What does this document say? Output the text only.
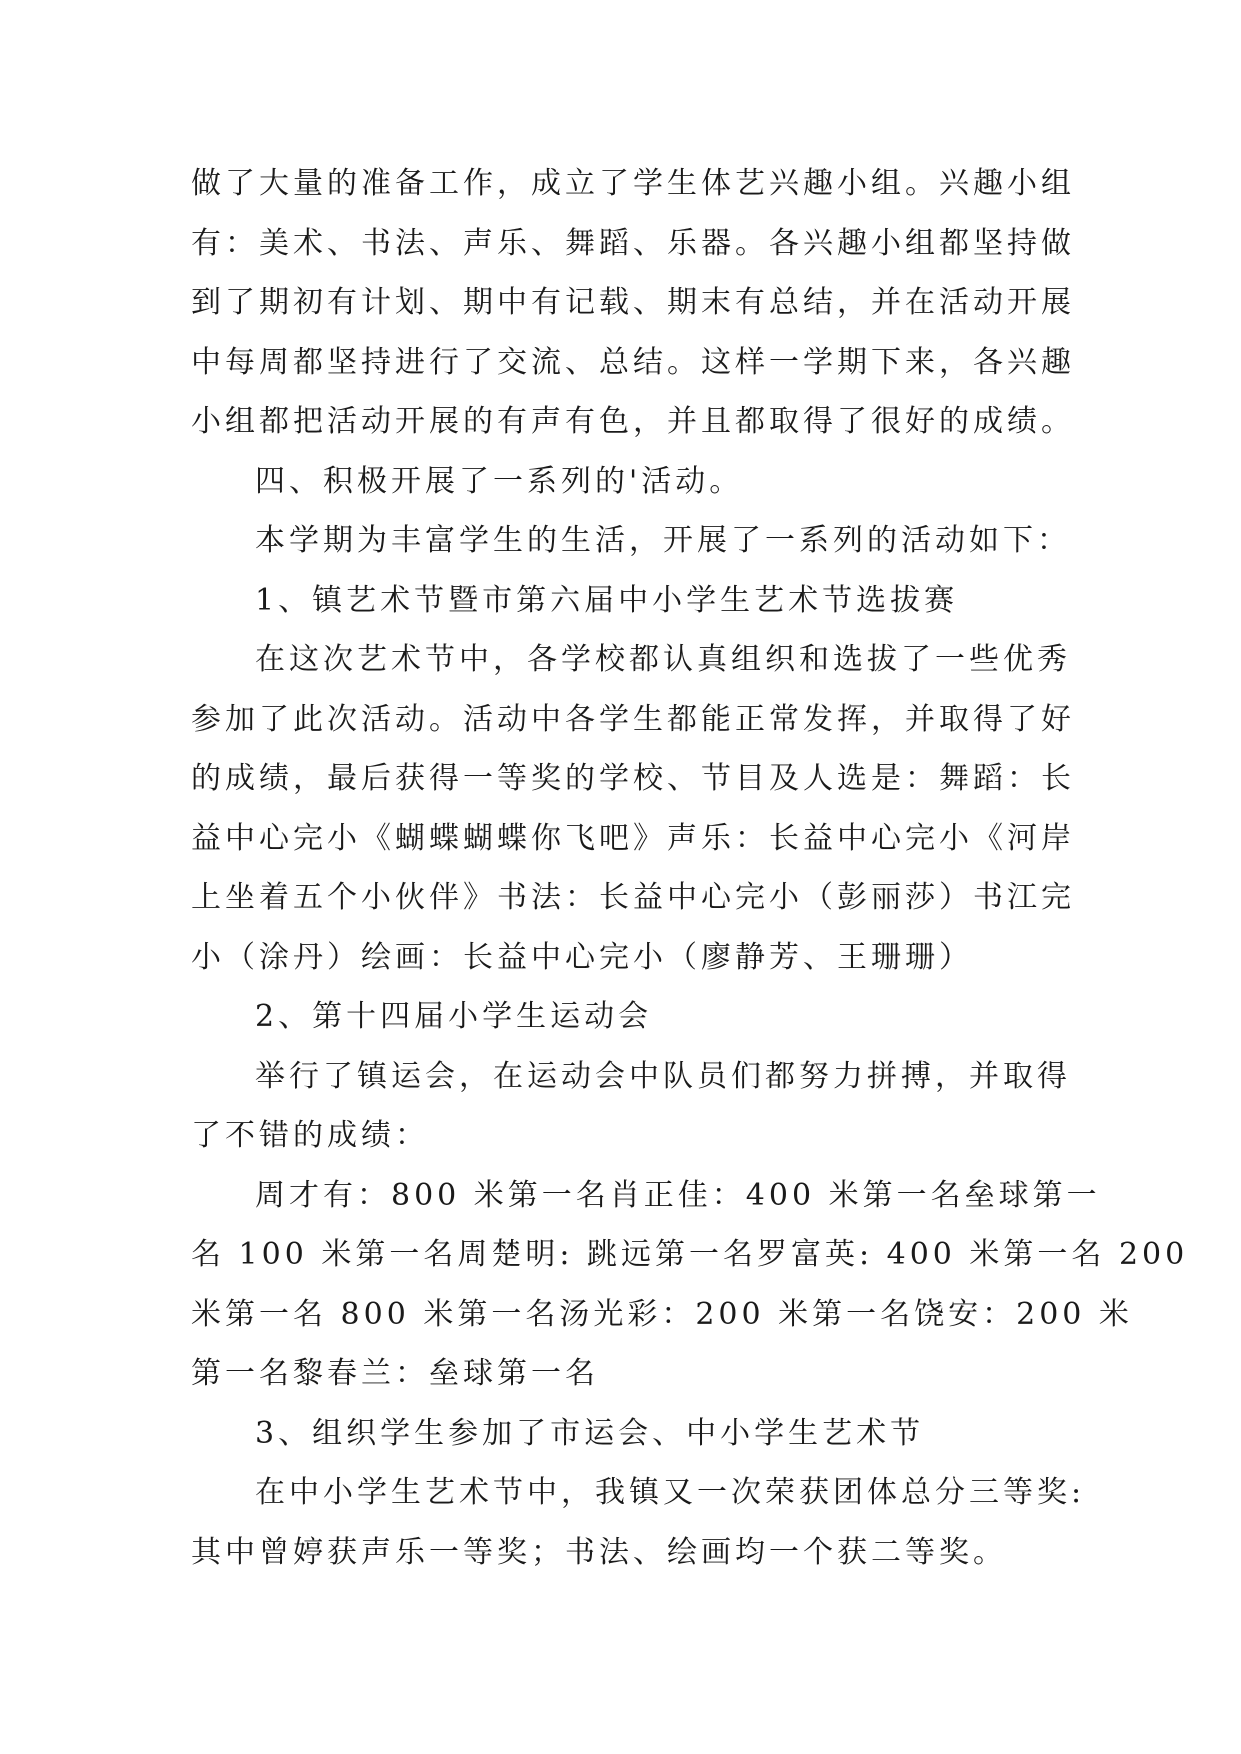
做了大量的准备工作，成立了学生体艺兴趣小组。兴趣小组

有：美术、书法、声乐、舞蹈、乐器。各兴趣小组都坚持做

到了期初有计划、期中有记载、期末有总结，并在活动开展

中每周都坚持进行了交流、总结。这样一学期下来，各兴趣

小组都把活动开展的有声有色，并且都取得了很好的成绩。

四、积极开展了一系列的'活动。

本学期为丰富学生的生活，开展了一系列的活动如下：

1、镇艺术节暨市第六届中小学生艺术节选拔赛

在这次艺术节中，各学校都认真组织和选拔了一些优秀

参加了此次活动。活动中各学生都能正常发挥，并取得了好

的成绩，最后获得一等奖的学校、节目及人选是：舞蹈：长

益中心完小《蝴蝶蝴蝶你飞吧》声乐：长益中心完小《河岸

上坐着五个小伙伴》书法：长益中心完小（彭丽莎）书江完

小（涂丹）绘画：长益中心完小（廖静芳、王珊珊）

2、第十四届小学生运动会

举行了镇运会，在运动会中队员们都努力拼搏，并取得

了不错的成绩：

周才有：800 米第一名肖正佳：400 米第一名垒球第一

名 100 米第一名周楚明: 跳远第一名罗富英: 400 米第一名 200

米第一名 800 米第一名汤光彩：200 米第一名饶安：200 米

第一名黎春兰：垒球第一名

3、组织学生参加了市运会、中小学生艺术节

在中小学生艺术节中，我镇又一次荣获团体总分三等奖:

其中曾婷获声乐一等奖；书法、绘画均一个获二等奖。
